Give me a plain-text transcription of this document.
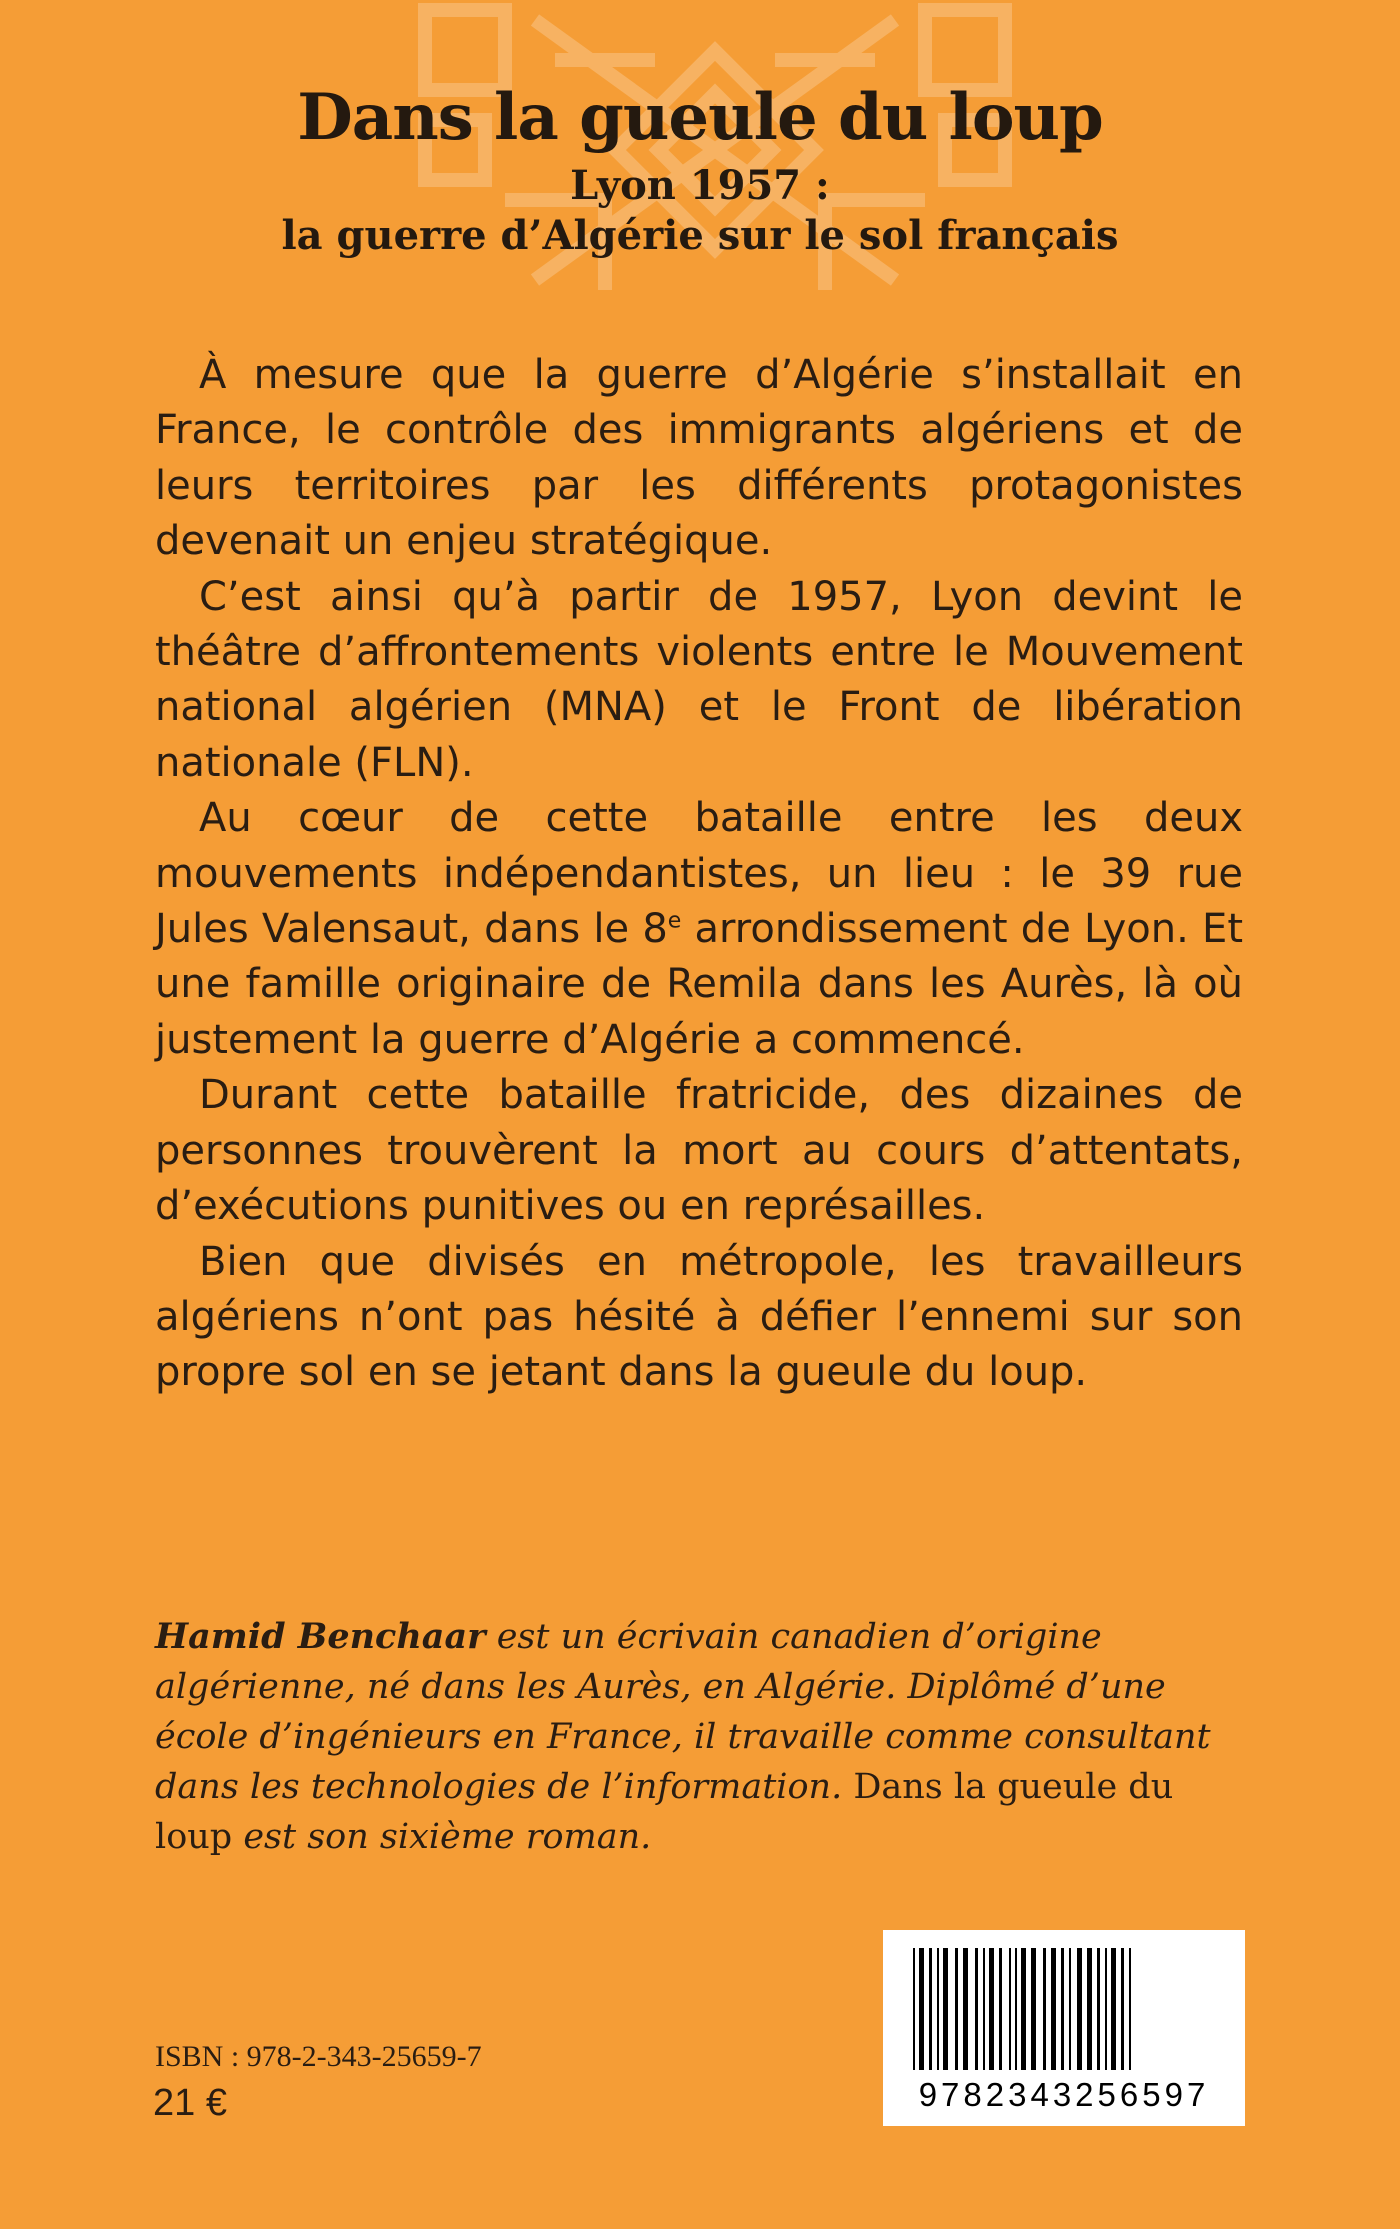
Dans la gueule du loup
Lyon 1957 :
la guerre d’Algérie sur le sol français

À mesure que la guerre d’Algérie s’installait en France, le contrôle des immigrants algériens et de leurs territoires par les différents protagonistes devenait un enjeu stratégique.

C’est ainsi qu’à partir de 1957, Lyon devint le théâtre d’affrontements violents entre le Mouvement national algérien (MNA) et le Front de libération nationale (FLN).

Au cœur de cette bataille entre les deux mouvements indépendantistes, un lieu : le 39 rue Jules Valensaut, dans le 8e arrondissement de Lyon. Et une famille originaire de Remila dans les Aurès, là où justement la guerre d’Algérie a commencé.

Durant cette bataille fratricide, des dizaines de personnes trouvèrent la mort au cours d’attentats, d’exécutions punitives ou en représailles.

Bien que divisés en métropole, les travailleurs algériens n’ont pas hésité à défier l’ennemi sur son propre sol en se jetant dans la gueule du loup.

Hamid Benchaar est un écrivain canadien d’origine algérienne, né dans les Aurès, en Algérie. Diplômé d’une école d’ingénieurs en France, il travaille comme consultant dans les technologies de l’information. Dans la gueule du loup est son sixième roman.
ISBN : 978-2-343-25659-7
21 €	9782343256597
